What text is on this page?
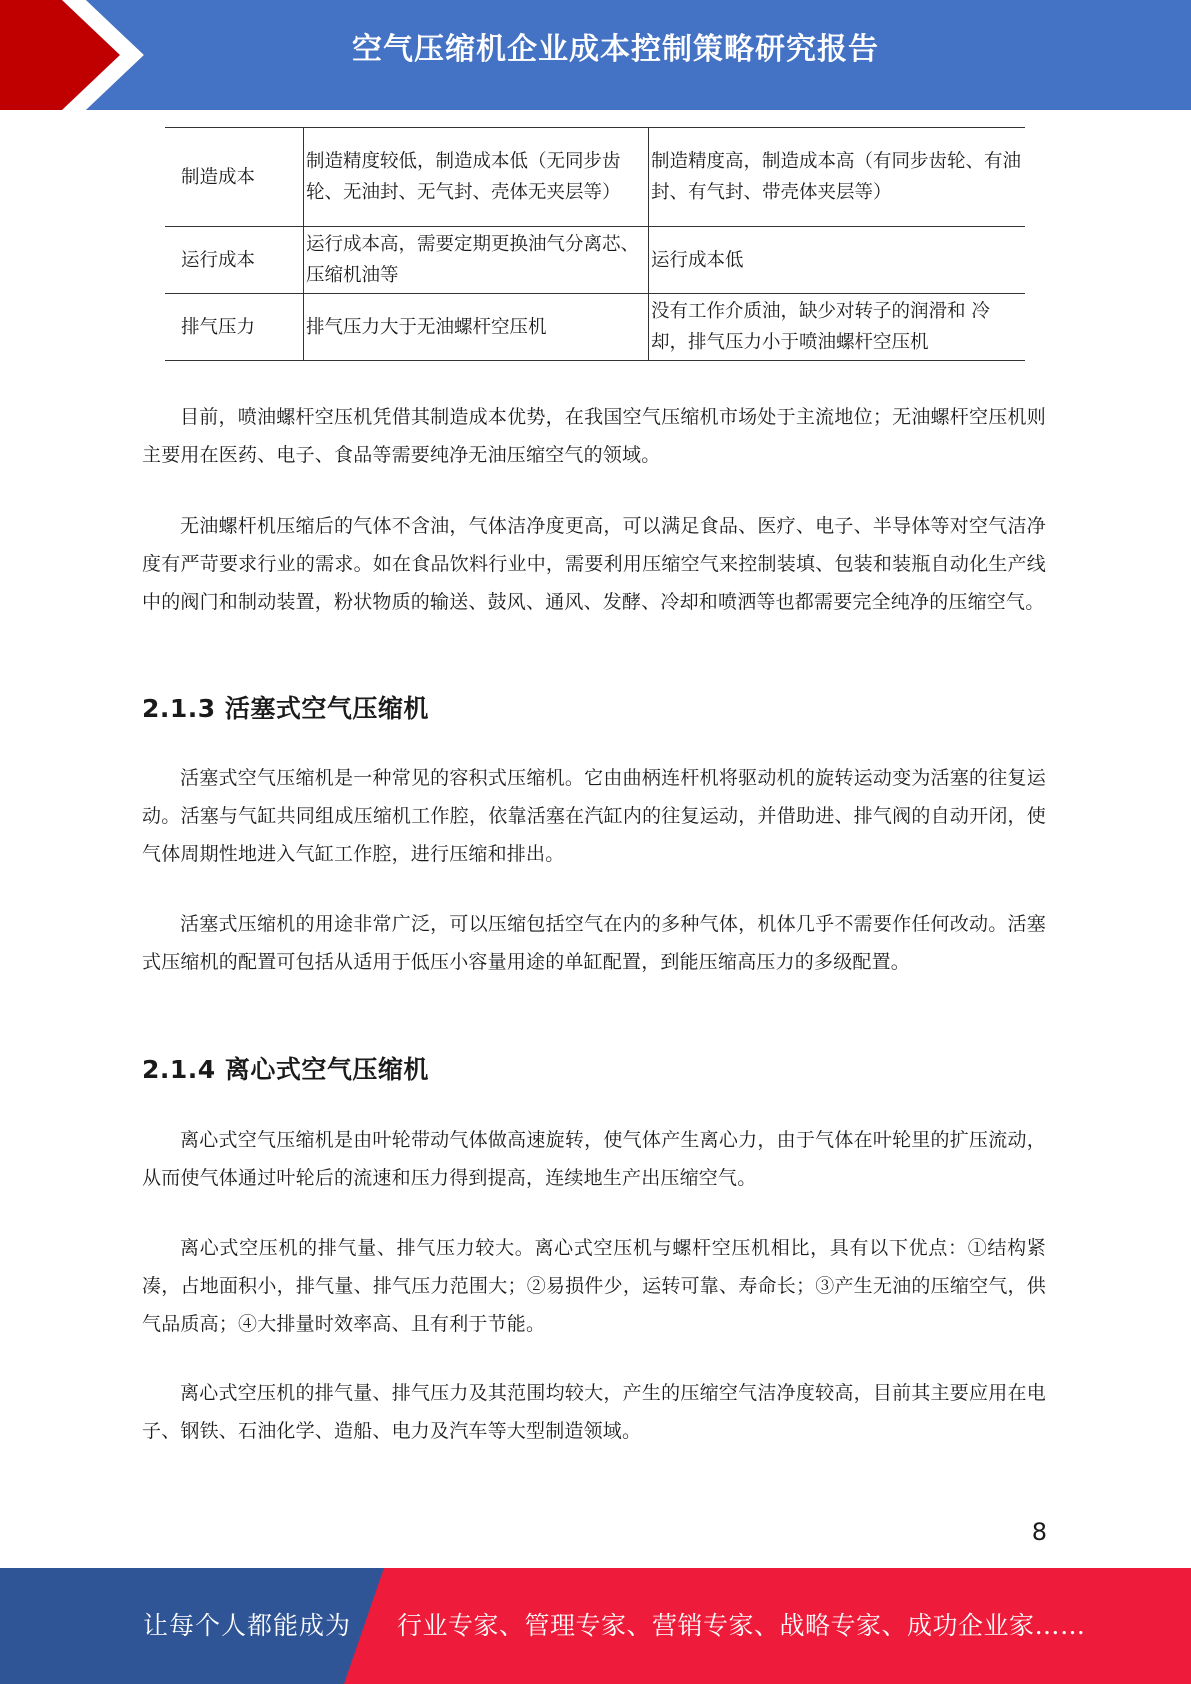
空气压缩机企业成本控制策略研究报告
制造成本	制造精度较低，制造成本低（无同步齿轮、无油封、无气封、壳体无夹层等）	制造精度高，制造成本高（有同步齿轮、有油封、有气封、带壳体夹层等）
运行成本	运行成本高，需要定期更换油气分离芯、压缩机油等	运行成本低
排气压力	排气压力大于无油螺杆空压机	没有工作介质油，缺少对转子的润滑和 冷却，排气压力小于喷油螺杆空压机

目前，喷油螺杆空压机凭借其制造成本优势，在我国空气压缩机市场处于主流地位；无油螺杆空压机则主要用在医药、电子、食品等需要纯净无油压缩空气的领域。

无油螺杆机压缩后的气体不含油，气体洁净度更高，可以满足食品、医疗、电子、半导体等对空气洁净度有严苛要求行业的需求。如在食品饮料行业中，需要利用压缩空气来控制装填、包装和装瓶自动化生产线中的阀门和制动装置，粉状物质的输送、鼓风、通风、发酵、冷却和喷洒等也都需要完全纯净的压缩空气。

2.1.3 活塞式空气压缩机

活塞式空气压缩机是一种常见的容积式压缩机。它由曲柄连杆机将驱动机的旋转运动变为活塞的往复运动。活塞与气缸共同组成压缩机工作腔，依靠活塞在汽缸内的往复运动，并借助进、排气阀的自动开闭，使气体周期性地进入气缸工作腔，进行压缩和排出。

活塞式压缩机的用途非常广泛，可以压缩包括空气在内的多种气体，机体几乎不需要作任何改动。活塞式压缩机的配置可包括从适用于低压小容量用途的单缸配置，到能压缩高压力的多级配置。

2.1.4 离心式空气压缩机

离心式空气压缩机是由叶轮带动气体做高速旋转，使气体产生离心力，由于气体在叶轮里的扩压流动，从而使气体通过叶轮后的流速和压力得到提高，连续地生产出压缩空气。

离心式空压机的排气量、排气压力较大。离心式空压机与螺杆空压机相比，具有以下优点：①结构紧凑，占地面积小，排气量、排气压力范围大；②易损件少，运转可靠、寿命长；③产生无油的压缩空气，供气品质高；④大排量时效率高、且有利于节能。

离心式空压机的排气量、排气压力及其范围均较大，产生的压缩空气洁净度较高，目前其主要应用在电子、钢铁、石油化学、造船、电力及汽车等大型制造领域。

8
让每个人都能成为 行业专家、管理专家、营销专家、战略专家、成功企业家……
